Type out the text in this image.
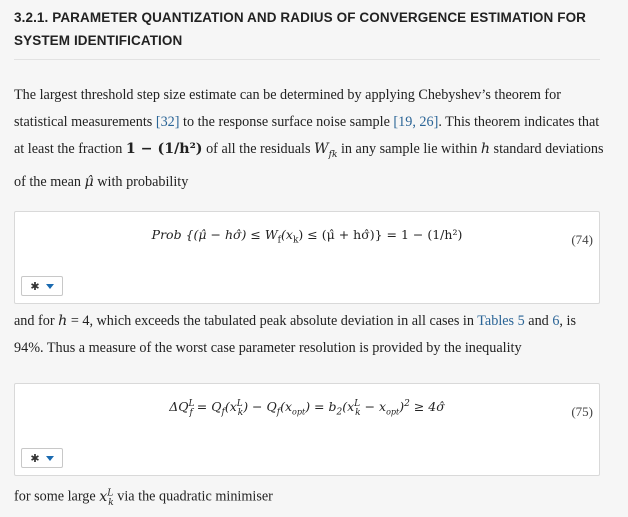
3.2.1. PARAMETER QUANTIZATION AND RADIUS OF CONVERGENCE ESTIMATION FOR SYSTEM IDENTIFICATION
The largest threshold step size estimate can be determined by applying Chebyshev’s theorem for statistical measurements [32] to the response surface noise sample [19, 26]. This theorem indicates that at least the fraction 1 − (1/h²) of all the residuals $W_{fk}$ in any sample lie within h standard deviations of the mean μ̂ with probability
Prob {(μ̂ − hσ̂) ≤ $W_f(x_k)$ ≤ (μ̂ + hσ̂)} = 1 − (1/h²)	(74)
✱
and for h = 4, which exceeds the tabulated peak absolute deviation in all cases in Tables 5 and 6, is 94%. Thus a measure of the worst case parameter resolution is provided by the inequality
$\Delta Q^L_f = Q_f(x^L_k) - Q_f(x_{opt}) = b_2(x^L_k - x_{opt})^2$ ≥ 4σ̂	(75)
✱
for some large $x^L_k$ via the quadratic minimiser
